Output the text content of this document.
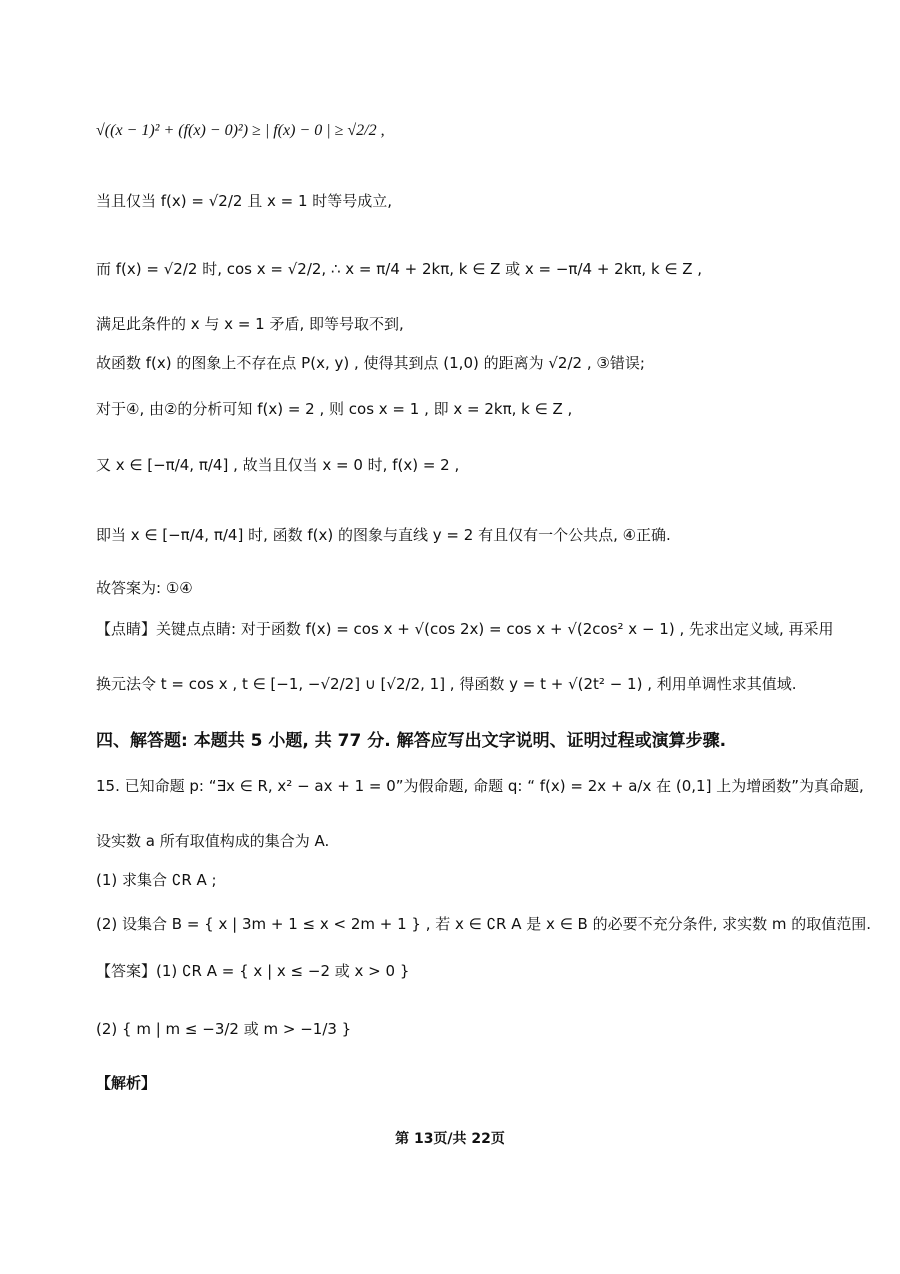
√((x − 1)² + (f(x) − 0)²) ≥ | f(x) − 0 | ≥ √2/2 ,
当且仅当 f(x) = √2/2 且 x = 1 时等号成立,
而 f(x) = √2/2 时, cos x = √2/2, ∴ x = π/4 + 2kπ, k ∈ Z 或 x = −π/4 + 2kπ, k ∈ Z ,
满足此条件的 x 与 x = 1 矛盾, 即等号取不到,
故函数 f(x) 的图象上不存在点 P(x, y) , 使得其到点 (1,0) 的距离为 √2/2 , ③错误;
对于④, 由②的分析可知 f(x) = 2 , 则 cos x = 1 , 即 x = 2kπ, k ∈ Z ,
又 x ∈ [−π/4, π/4] , 故当且仅当 x = 0 时, f(x) = 2 ,
即当 x ∈ [−π/4, π/4] 时, 函数 f(x) 的图象与直线 y = 2 有且仅有一个公共点, ④正确.
故答案为: ①④
【点睛】关键点点睛: 对于函数 f(x) = cos x + √(cos 2x) = cos x + √(2cos² x − 1) , 先求出定义域, 再采用
换元法令 t = cos x , t ∈ [−1, −√2/2] ∪ [√2/2, 1] , 得函数 y = t + √(2t² − 1) , 利用单调性求其值域.
四、解答题: 本题共 5 小题, 共 77 分. 解答应写出文字说明、证明过程或演算步骤.
15. 已知命题 p: “∃x ∈ R, x² − ax + 1 = 0”为假命题, 命题 q: “ f(x) = 2x + a/x 在 (0,1] 上为增函数”为真命题,
设实数 a 所有取值构成的集合为 A.
(1) 求集合 ∁R A ;
(2) 设集合 B = { x | 3m + 1 ≤ x < 2m + 1 } , 若 x ∈ ∁R A 是 x ∈ B 的必要不充分条件, 求实数 m 的取值范围.
【答案】(1) ∁R A = { x | x ≤ −2 或 x > 0 }
(2) { m | m ≤ −3/2 或 m > −1/3 }
【解析】
第 13页/共 22页
